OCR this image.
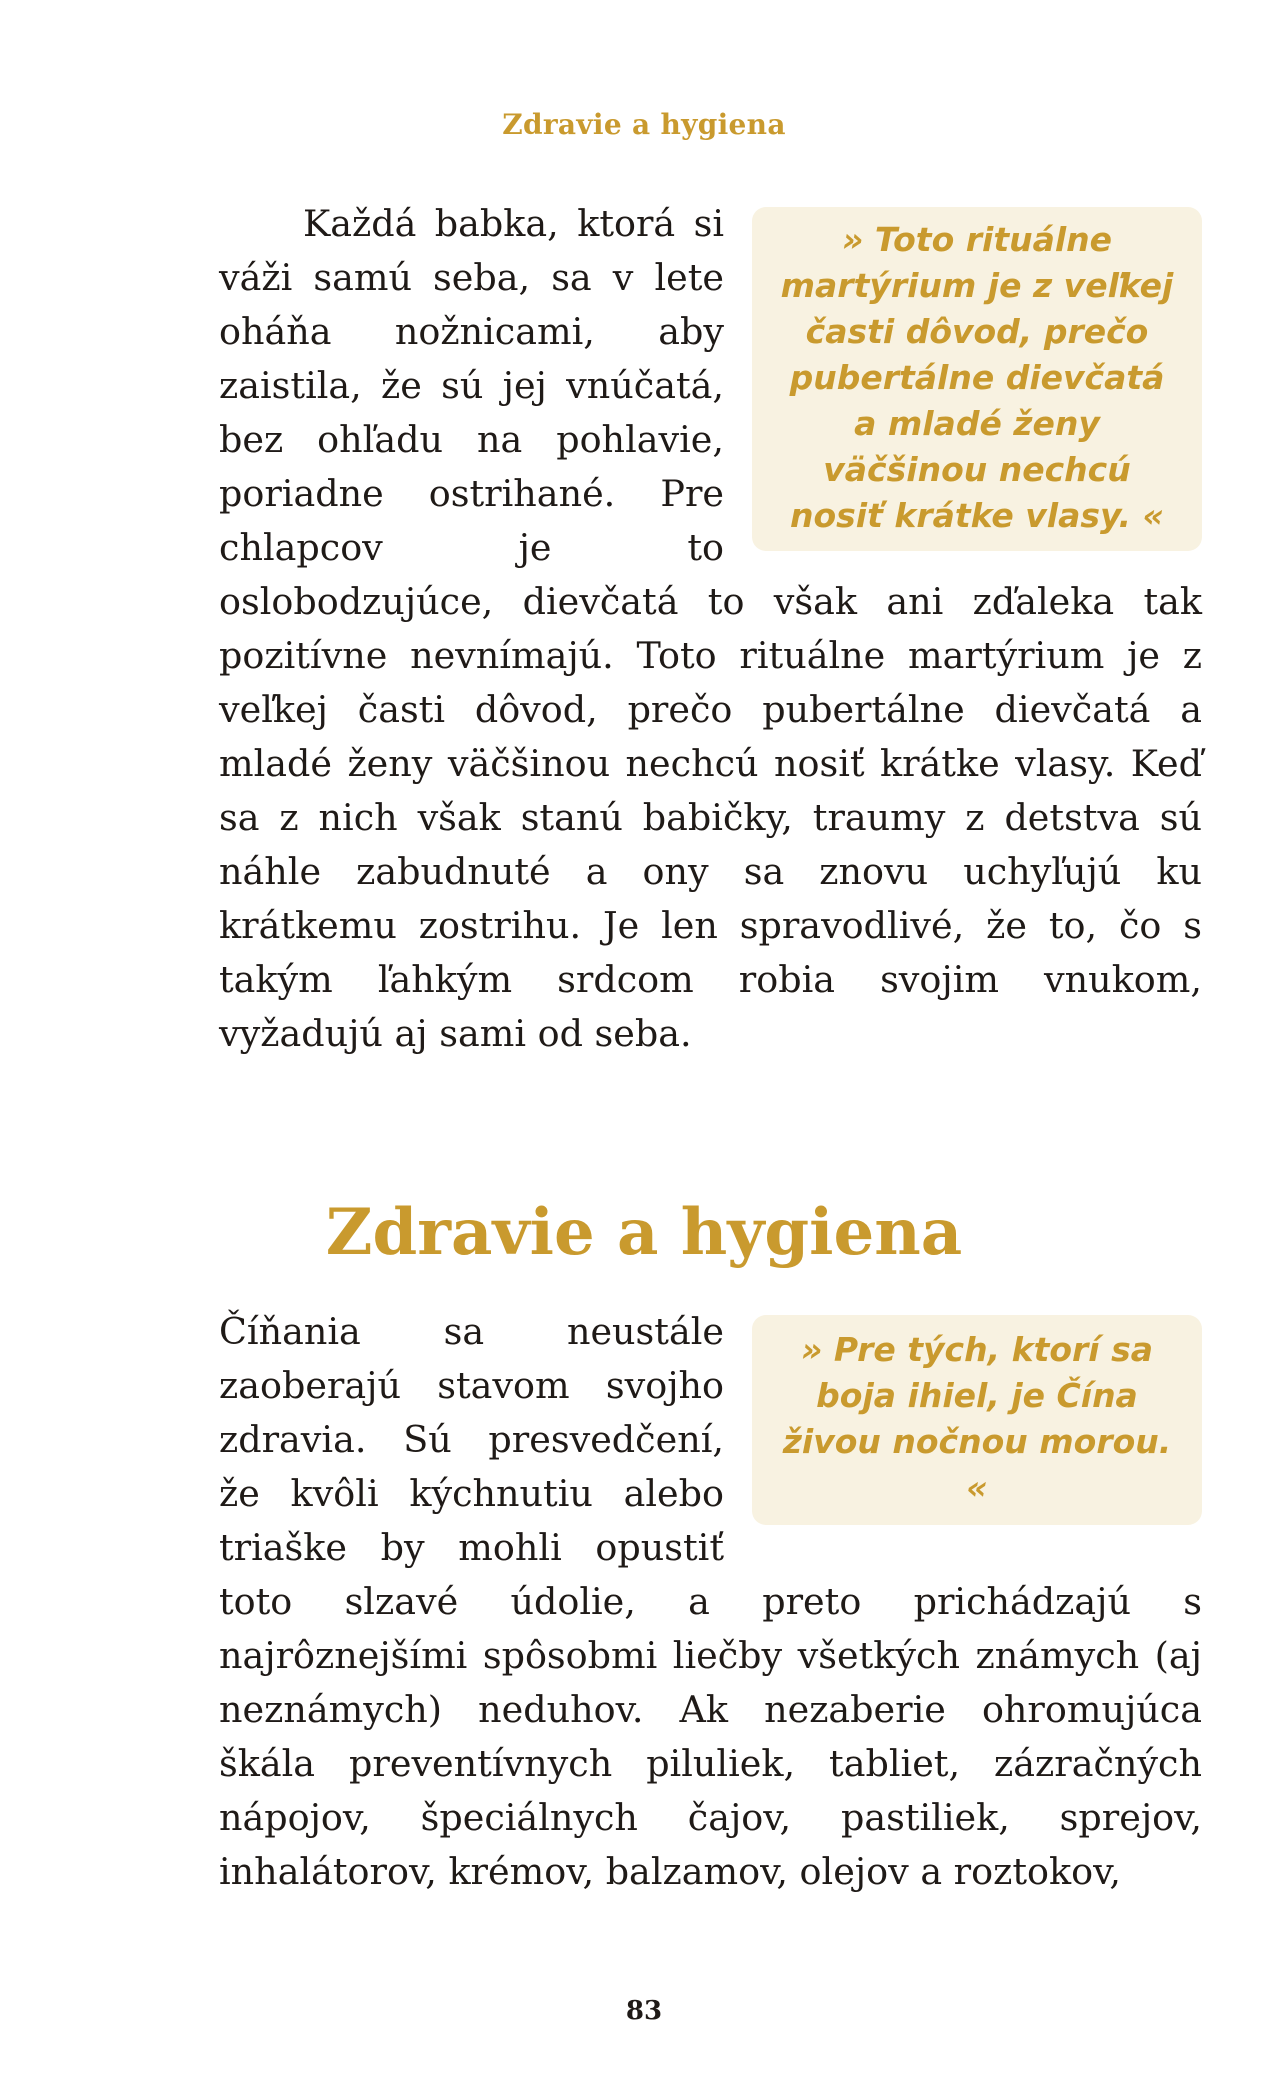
Zdravie a hygiena
» Toto rituálne martýrium je z veľkej časti dôvod, prečo pubertálne dievčatá a mladé ženy väčšinou nechcú nosiť krátke vlasy. «

Každá babka, ktorá si váži samú seba, sa v lete oháňa nožnicami, aby zaistila, že sú jej vnúčatá, bez ohľadu na pohlavie, poriadne ostrihané. Pre chlapcov je to oslobodzujúce, dievčatá to však ani zďaleka tak pozitívne nevnímajú. Toto rituálne martýrium je z veľkej časti dôvod, prečo pubertálne dievčatá a mladé ženy väčšinou nechcú nosiť krátke vlasy. Keď sa z nich však stanú babičky, traumy z detstva sú náhle zabudnuté a ony sa znovu uchyľujú ku krátkemu zostrihu. Je len spravodlivé, že to, čo s takým ľahkým srdcom robia svojim vnukom, vyžadujú aj sami od seba.

Zdravie a hygiena
» Pre tých, ktorí sa boja ihiel, je Čína živou nočnou morou. «

Číňania sa neustále zaoberajú stavom svojho zdravia. Sú presvedčení, že kvôli kýchnutiu alebo triaške by mohli opustiť toto slzavé údolie, a preto prichádzajú s najrôznejšími spôsobmi liečby všetkých známych (aj neznámych) neduhov. Ak nezaberie ohromujúca škála preventívnych piluliek, tabliet, zázračných nápojov, špeciálnych čajov, pastiliek, sprejov, inhalátorov, krémov, balzamov, olejov a roztokov,

83
